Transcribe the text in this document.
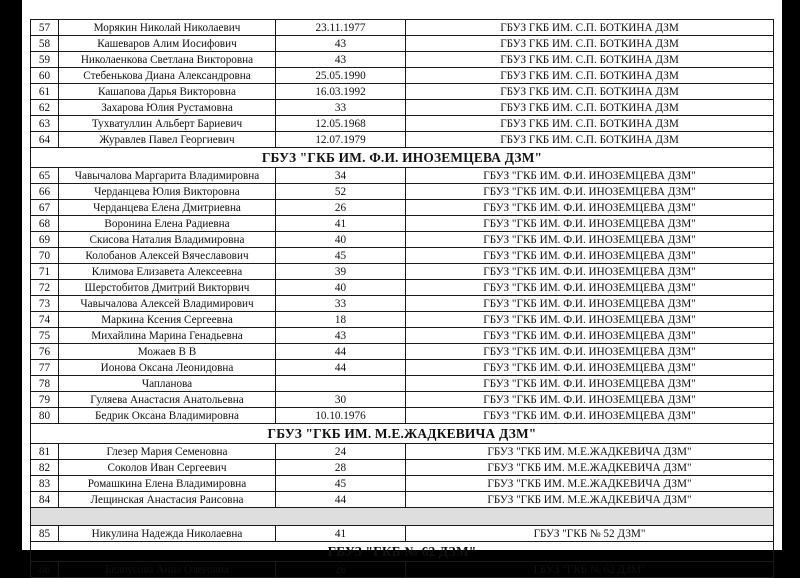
57	Морякин Николай Николаевич	23.11.1977	ГБУЗ ГКБ ИМ. С.П. БОТКИНА ДЗМ
58	Кашеваров Алим Иосифович	43	ГБУЗ ГКБ ИМ. С.П. БОТКИНА ДЗМ
59	Николаенкова Светлана Викторовна	43	ГБУЗ ГКБ ИМ. С.П. БОТКИНА ДЗМ
60	Стебенькова Диана Александровна	25.05.1990	ГБУЗ ГКБ ИМ. С.П. БОТКИНА ДЗМ
61	Кашапова Дарья Викторовна	16.03.1992	ГБУЗ ГКБ ИМ. С.П. БОТКИНА ДЗМ
62	Захарова Юлия Рустамовна	33	ГБУЗ ГКБ ИМ. С.П. БОТКИНА ДЗМ
63	Тухватуллин Альберт Бариевич	12.05.1968	ГБУЗ ГКБ ИМ. С.П. БОТКИНА ДЗМ
64	Журавлев Павел Георгиевич	12.07.1979	ГБУЗ ГКБ ИМ. С.П. БОТКИНА ДЗМ
ГБУЗ "ГКБ ИМ. Ф.И. ИНОЗЕМЦЕВА ДЗМ"			
65	Чавычалова Маргарита Владимировна	34	ГБУЗ "ГКБ ИМ. Ф.И. ИНОЗЕМЦЕВА ДЗМ"
66	Черданцева Юлия Викторовна	52	ГБУЗ "ГКБ ИМ. Ф.И. ИНОЗЕМЦЕВА ДЗМ"
67	Черданцева Елена Дмитриевна	26	ГБУЗ "ГКБ ИМ. Ф.И. ИНОЗЕМЦЕВА ДЗМ"
68	Воронина Елена Радиевна	41	ГБУЗ "ГКБ ИМ. Ф.И. ИНОЗЕМЦЕВА ДЗМ"
69	Скисова Наталия Владимировна	40	ГБУЗ "ГКБ ИМ. Ф.И. ИНОЗЕМЦЕВА ДЗМ"
70	Колобанов Алексей Вячеславович	45	ГБУЗ "ГКБ ИМ. Ф.И. ИНОЗЕМЦЕВА ДЗМ"
71	Климова Елизавета Алексеевна	39	ГБУЗ "ГКБ ИМ. Ф.И. ИНОЗЕМЦЕВА ДЗМ"
72	Шерстобитов Дмитрий Викторвич	40	ГБУЗ "ГКБ ИМ. Ф.И. ИНОЗЕМЦЕВА ДЗМ"
73	Чавычалова Алексей Владимирович	33	ГБУЗ "ГКБ ИМ. Ф.И. ИНОЗЕМЦЕВА ДЗМ"
74	Маркина Ксения Сергеевна	18	ГБУЗ "ГКБ ИМ. Ф.И. ИНОЗЕМЦЕВА ДЗМ"
75	Михайлина Марина Генадьевна	43	ГБУЗ "ГКБ ИМ. Ф.И. ИНОЗЕМЦЕВА ДЗМ"
76	Можаев В В	44	ГБУЗ "ГКБ ИМ. Ф.И. ИНОЗЕМЦЕВА ДЗМ"
77	Ионова Оксана Леонидовна	44	ГБУЗ "ГКБ ИМ. Ф.И. ИНОЗЕМЦЕВА ДЗМ"
78	Чапланова		ГБУЗ "ГКБ ИМ. Ф.И. ИНОЗЕМЦЕВА ДЗМ"
79	Гуляева Анастасия Анатольевна	30	ГБУЗ "ГКБ ИМ. Ф.И. ИНОЗЕМЦЕВА ДЗМ"
80	Бедрик Оксана Владимировна	10.10.1976	ГБУЗ "ГКБ ИМ. Ф.И. ИНОЗЕМЦЕВА ДЗМ"
ГБУЗ "ГКБ ИМ. М.Е.ЖАДКЕВИЧА ДЗМ"			
81	Глезер Мария Семеновна	24	ГБУЗ "ГКБ ИМ. М.Е.ЖАДКЕВИЧА ДЗМ"
82	Соколов Иван Сергеевич	28	ГБУЗ "ГКБ ИМ. М.Е.ЖАДКЕВИЧА ДЗМ"
83	Ромашкина Елена Владимировна	45	ГБУЗ "ГКБ ИМ. М.Е.ЖАДКЕВИЧА ДЗМ"
84	Лещинская Анастасия Раисовна	44	ГБУЗ "ГКБ ИМ. М.Е.ЖАДКЕВИЧА ДЗМ"

85	Никулина Надежда Николаевна	41	ГБУЗ "ГКБ № 52 ДЗМ"
ГБУЗ "ГКБ № 62 ДЗМ"			
86	Белоусова Анна Олеговна	26	ГБУЗ "ГКБ № 62 ДЗМ"
